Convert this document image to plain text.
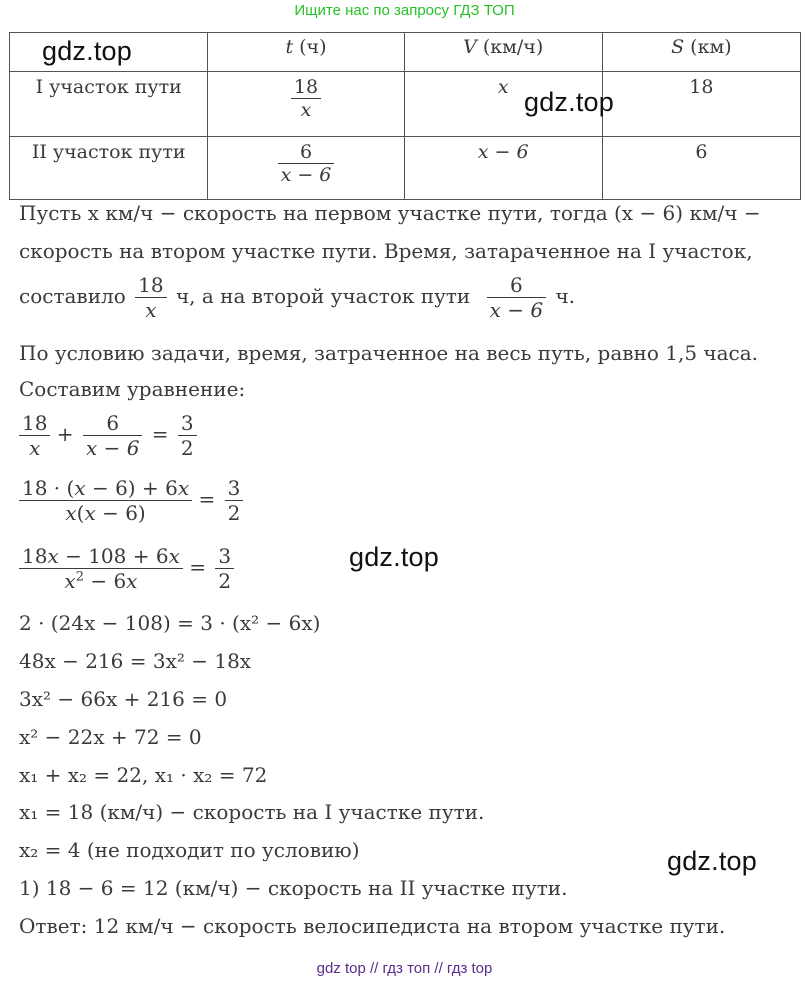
Ищите нас по запросу ГДЗ ТОП
	t (ч)	V (км/ч)	S (км)
I участок пути	$\frac{18}{x}$	x	18
II участок пути	$\frac{6}{x - 6}$	x − 6	6
Пусть x км/ч − скорость на первом участке пути, тогда (x − 6) км/ч −
скорость на втором участке пути. Время, затараченное на I участок,
составило $\frac{18}{x} ч$, а на второй участок пути $\frac{6}{x - 6} ч$.
По условию задачи, время, затраченное на весь путь, равно 1,5 часа.
Составим уравнение:
$\frac{18}{x} + \frac{6}{x - 6} = \frac{3}{2}$
$\frac{18 \cdot (x - 6) + 6x}{x(x - 6)} = \frac{3}{2}$
$\frac{18x - 108 + 6x}{x^2 - 6x} = \frac{3}{2}$
2 · (24x − 108) = 3 · (x² − 6x)
48x − 216 = 3x² − 18x
3x² − 66x + 216 = 0
x² − 22x + 72 = 0
x₁ + x₂ = 22, x₁ · x₂ = 72
x₁ = 18 (км/ч) − скорость на I участке пути.
x₂ = 4 (не подходит по условию)
1) 18 − 6 = 12 (км/ч) − скорость на II участке пути.
Ответ: 12 км/ч − скорость велосипедиста на втором участке пути.
gdz.top
gdz.top
gdz.top
gdz.top
gdz top // гдз топ // гдз top
